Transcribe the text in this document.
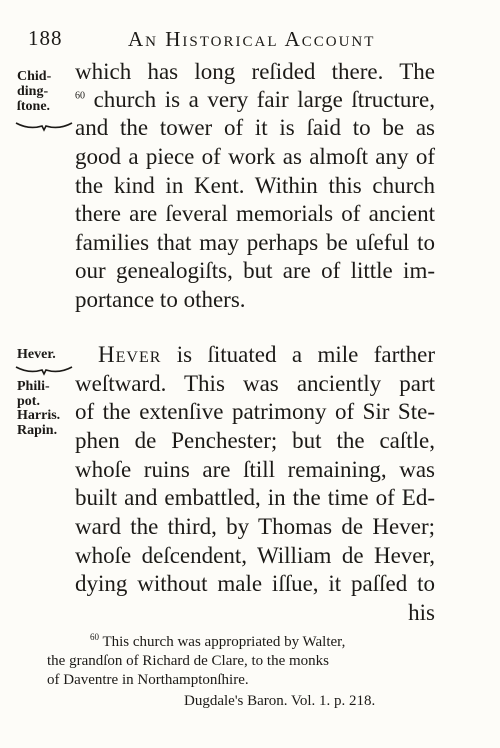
188	An Historical Account
Chid-
ding-
ſtone.
Hever.
Phili-
pot.
Harris.
Rapin.
which has long reſided there. The
$^{60}$ church is a very fair large ſtructure,
and the tower of it is ſaid to be as
good a piece of work as almoſt any of
the kind in Kent. Within this church
there are ſeveral memorials of ancient
families that may perhaps be uſeful to
our genealogiſts, but are of little im-
portance to others.
Hever is ſituated a mile farther
weſtward. This was anciently part
of the extenſive patrimony of Sir Ste-
phen de Penchester; but the caſtle,
whoſe ruins are ſtill remaining, was
built and embattled, in the time of Ed-
ward the third, by Thomas de Hever;
whoſe deſcendent, William de Hever,
dying without male iſſue, it paſſed to
his
$^{60}$ This church was appropriated by Walter,
the grandſon of Richard de Clare, to the monks
of Daventre in Northamptonſhire.
Dugdale's Baron. Vol. 1. p. 218.
